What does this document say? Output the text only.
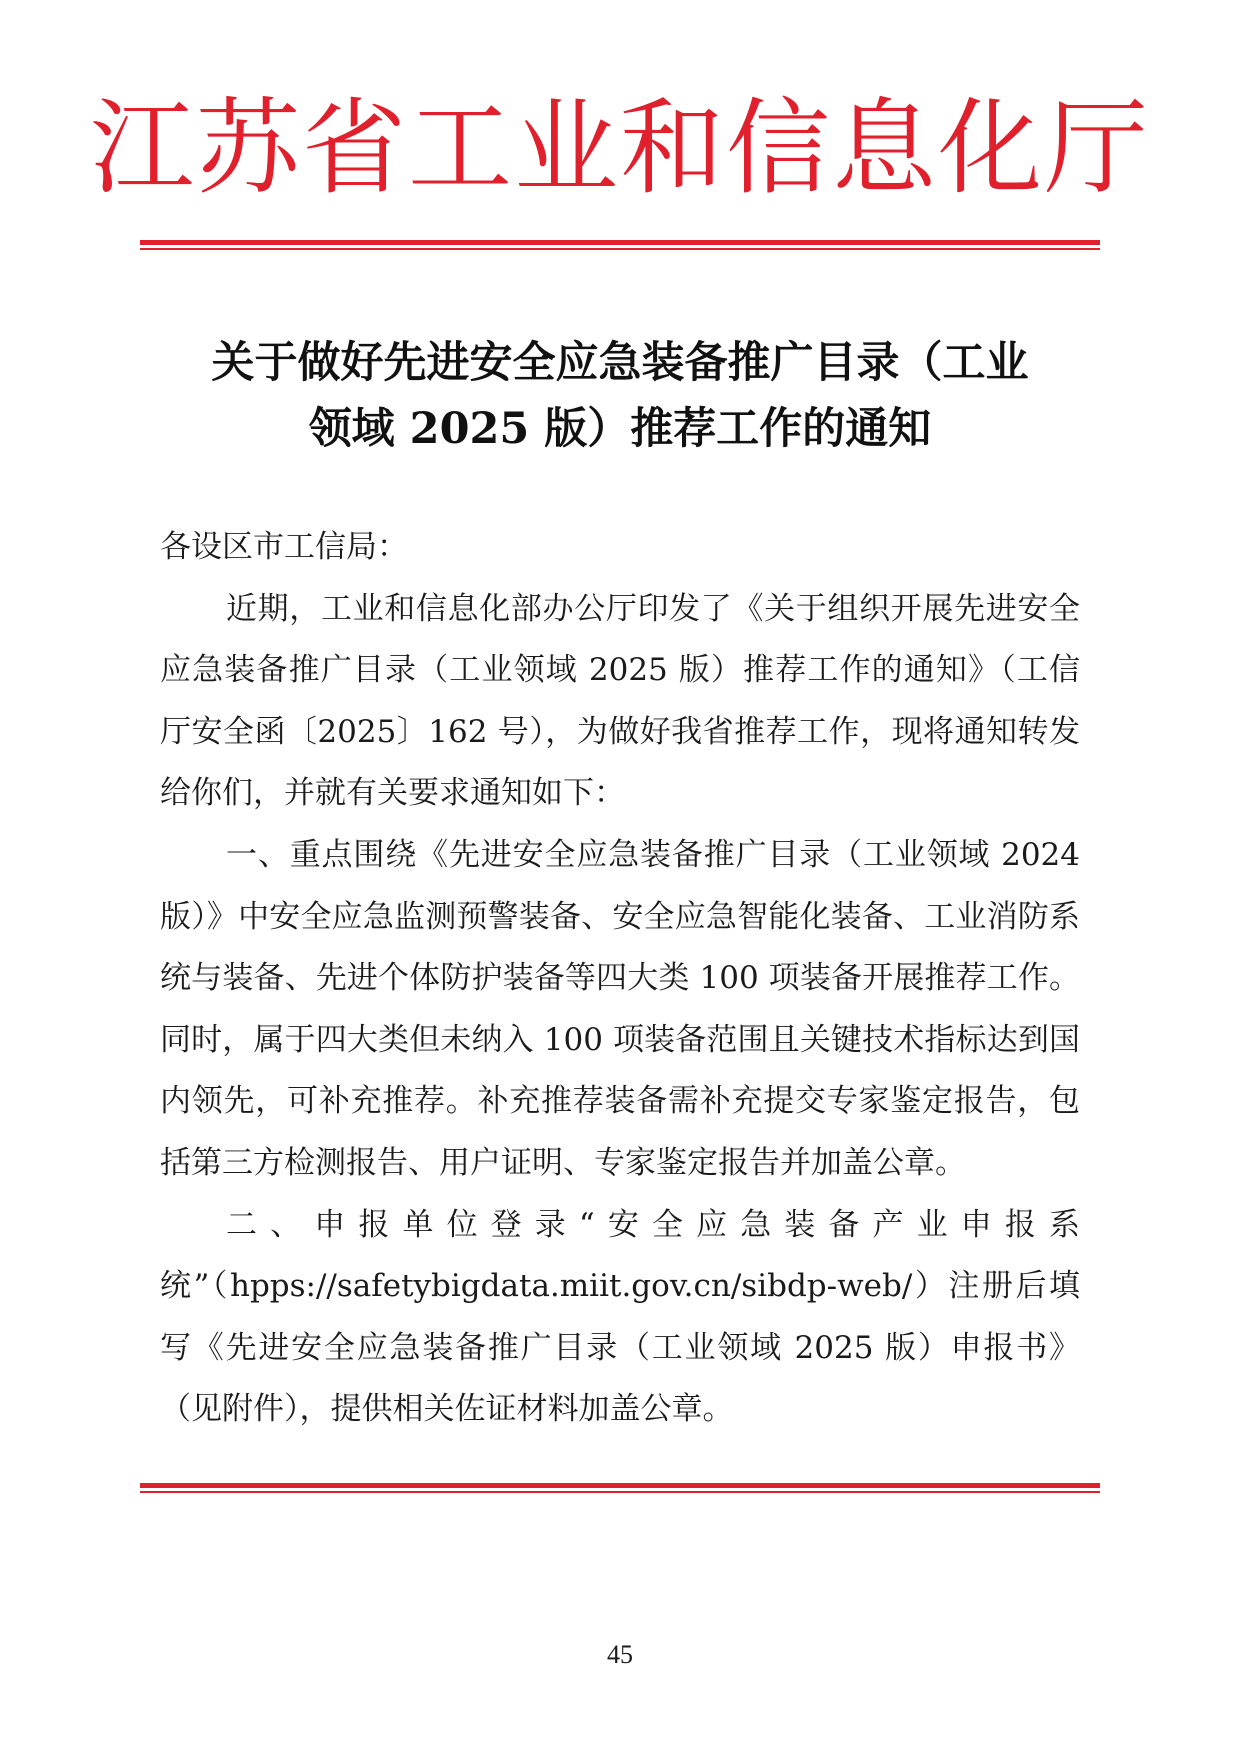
江苏省工业和信息化厅
关于做好先进安全应急装备推广目录（工业
领域 2025 版）推荐工作的通知

各设区市工信局：

近期，工业和信息化部办公厅印发了《关于组织开展先进安全应急装备推广目录（工业领域 2025 版）推荐工作的通知》（工信厅安全函〔2025〕162 号），为做好我省推荐工作，现将通知转发给你们，并就有关要求通知如下：

一、重点围绕《先进安全应急装备推广目录（工业领域 2024 版）》中安全应急监测预警装备、安全应急智能化装备、工业消防系统与装备、先进个体防护装备等四大类 100 项装备开展推荐工作。同时，属于四大类但未纳入 100 项装备范围且关键技术指标达到国内领先，可补充推荐。补充推荐装备需补充提交专家鉴定报告，包括第三方检测报告、用户证明、专家鉴定报告并加盖公章。

二、申报单位登录“安全应急装备产业申报系统”（hpps://safetybigdata.miit.gov.cn/sibdp-web/）注册后填写《先进安全应急装备推广目录（工业领域 2025 版）申报书》（见附件），提供相关佐证材料加盖公章。

45
